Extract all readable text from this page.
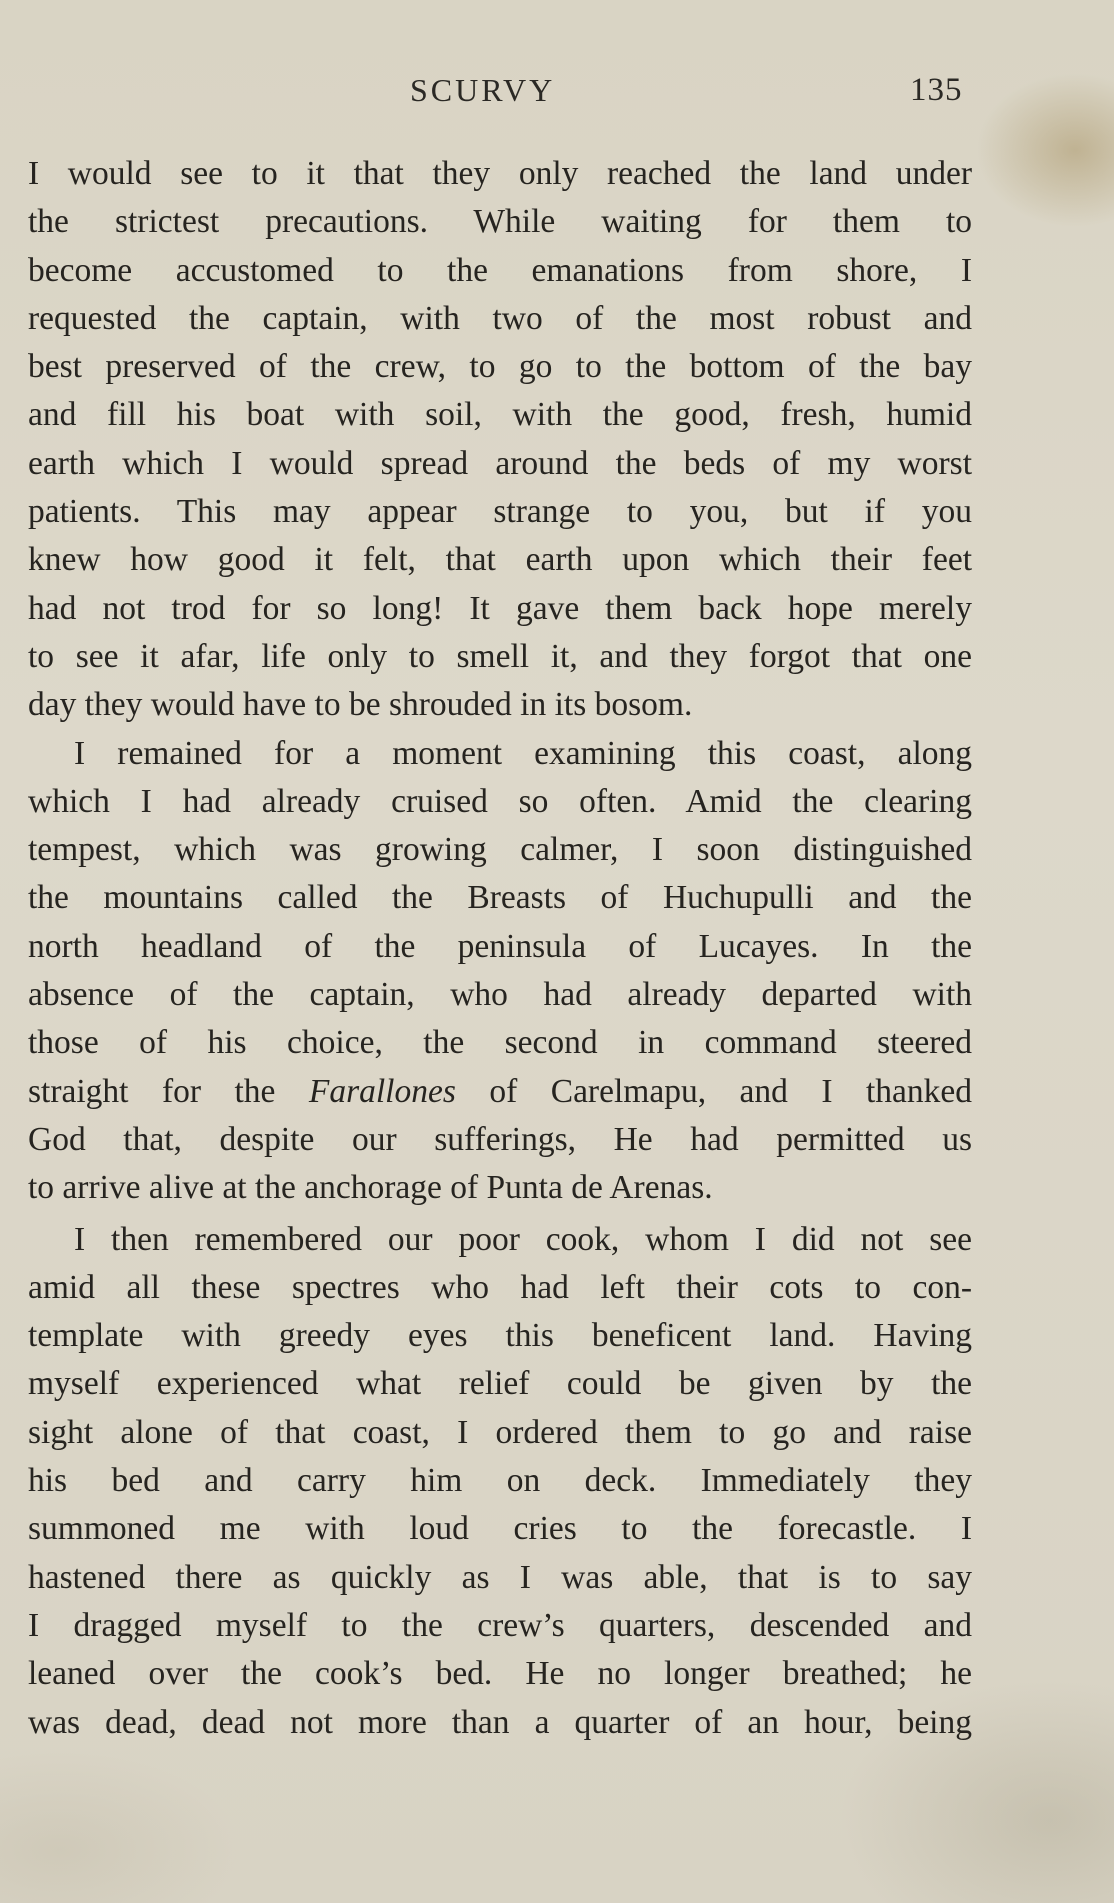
SCURVY	135
I would see to it that they only reached the land under
the strictest precautions. While waiting for them to
become accustomed to the emanations from shore, I
requested the captain, with two of the most robust and
best preserved of the crew, to go to the bottom of the bay
and fill his boat with soil, with the good, fresh, humid
earth which I would spread around the beds of my worst
patients. This may appear strange to you, but if you
knew how good it felt, that earth upon which their feet
had not trod for so long! It gave them back hope merely
to see it afar, life only to smell it, and they forgot that one
day they would have to be shrouded in its bosom.
I remained for a moment examining this coast, along
which I had already cruised so often. Amid the clearing
tempest, which was growing calmer, I soon distinguished
the mountains called the Breasts of Huchupulli and the
north headland of the peninsula of Lucayes. In the
absence of the captain, who had already departed with
those of his choice, the second in command steered
straight for the Farallones of Carelmapu, and I thanked
God that, despite our sufferings, He had permitted us
to arrive alive at the anchorage of Punta de Arenas.
I then remembered our poor cook, whom I did not see
amid all these spectres who had left their cots to con-
template with greedy eyes this beneficent land. Having
myself experienced what relief could be given by the
sight alone of that coast, I ordered them to go and raise
his bed and carry him on deck. Immediately they
summoned me with loud cries to the forecastle. I
hastened there as quickly as I was able, that is to say
I dragged myself to the crew’s quarters, descended and
leaned over the cook’s bed. He no longer breathed; he
was dead, dead not more than a quarter of an hour, being
